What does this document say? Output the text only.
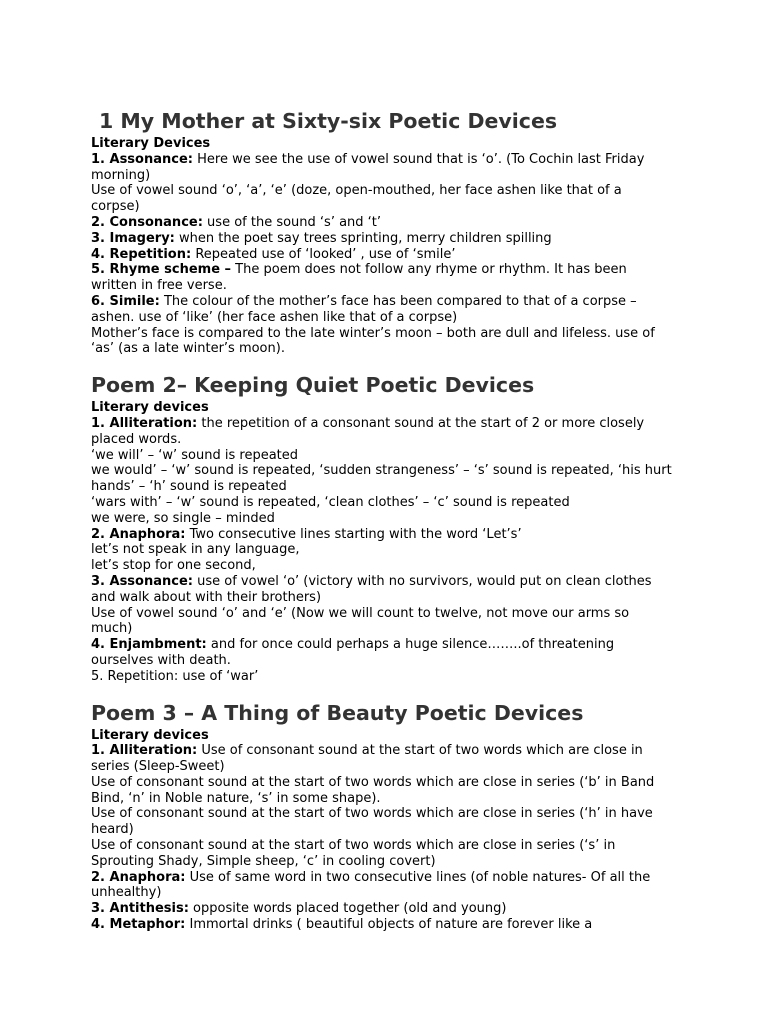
1 My Mother at Sixty-six Poetic Devices

Literary Devices

1. Assonance: Here we see the use of vowel sound that is ‘o’. (To Cochin last Friday morning)

Use of vowel sound ‘o’, ‘a’, ‘e’ (doze, open-mouthed, her face ashen like that of a corpse)

2. Consonance: use of the sound ‘s’ and ‘t’

3. Imagery: when the poet say trees sprinting, merry children spilling

4. Repetition: Repeated use of ‘looked’ , use of ‘smile’

5. Rhyme scheme – The poem does not follow any rhyme or rhythm. It has been written in free verse.

6. Simile: The colour of the mother’s face has been compared to that of a corpse – ashen. use of ‘like’ (her face ashen like that of a corpse)

Mother’s face is compared to the late winter’s moon – both are dull and lifeless. use of ‘as’ (as a late winter’s moon).

Poem 2– Keeping Quiet Poetic Devices

Literary devices

1. Alliteration: the repetition of a consonant sound at the start of 2 or more closely placed words.

‘we will’ – ‘w’ sound is repeated

we would’ – ‘w’ sound is repeated, ‘sudden strangeness’ – ‘s’ sound is repeated, ‘his hurt hands’ – ‘h’ sound is repeated

‘wars with’ – ‘w’ sound is repeated, ‘clean clothes’ – ‘c’ sound is repeated

we were, so single – minded

2. Anaphora: Two consecutive lines starting with the word ‘Let’s’

let’s not speak in any language,

let’s stop for one second,

3. Assonance: use of vowel ‘o’ (victory with no survivors, would put on clean clothes and walk about with their brothers)

Use of vowel sound ‘o’ and ‘e’ (Now we will count to twelve, not move our arms so much)

4. Enjambment: and for once could perhaps a huge silence……..of threatening ourselves with death.

5. Repetition: use of ‘war’

Poem 3 – A Thing of Beauty Poetic Devices

Literary devices

1. Alliteration: Use of consonant sound at the start of two words which are close in series (Sleep-Sweet)

Use of consonant sound at the start of two words which are close in series (‘b’ in Band Bind, ‘n’ in Noble nature, ‘s’ in some shape).

Use of consonant sound at the start of two words which are close in series (‘h’ in have heard)

Use of consonant sound at the start of two words which are close in series (‘s’ in Sprouting Shady, Simple sheep, ‘c’ in cooling covert)

2. Anaphora: Use of same word in two consecutive lines (of noble natures- Of all the unhealthy)

3. Antithesis: opposite words placed together (old and young)

4. Metaphor: Immortal drinks ( beautiful objects of nature are forever like a
